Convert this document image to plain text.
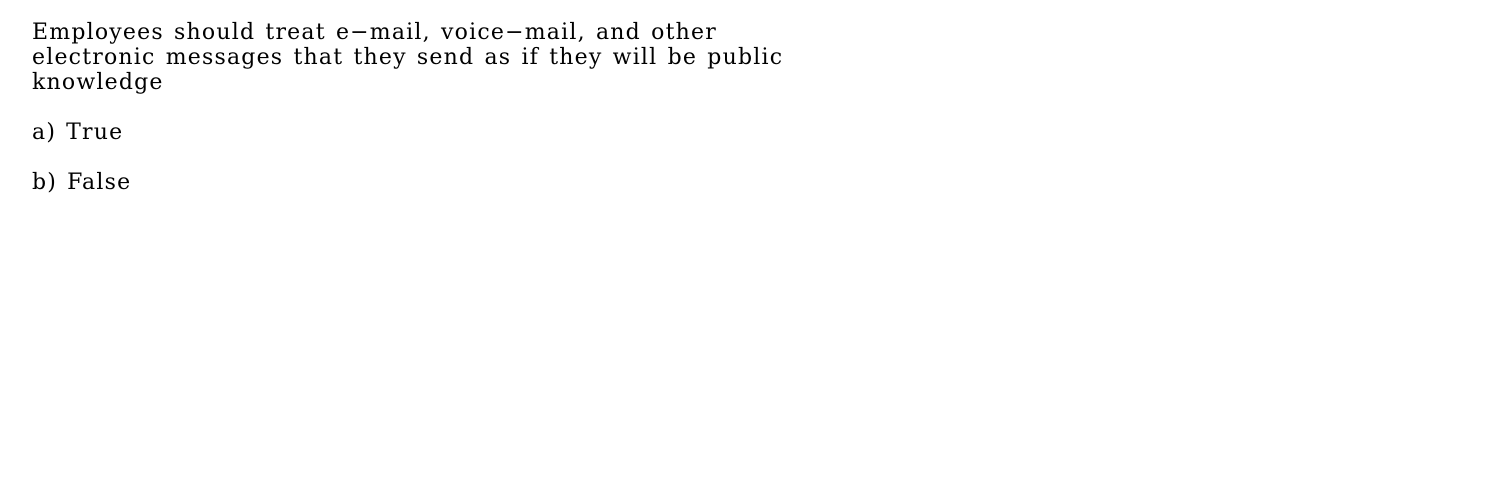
Employees should treat e−mail, voice−mail, and other
electronic messages that they send as if they will be public
knowledge

a) True

b) False
